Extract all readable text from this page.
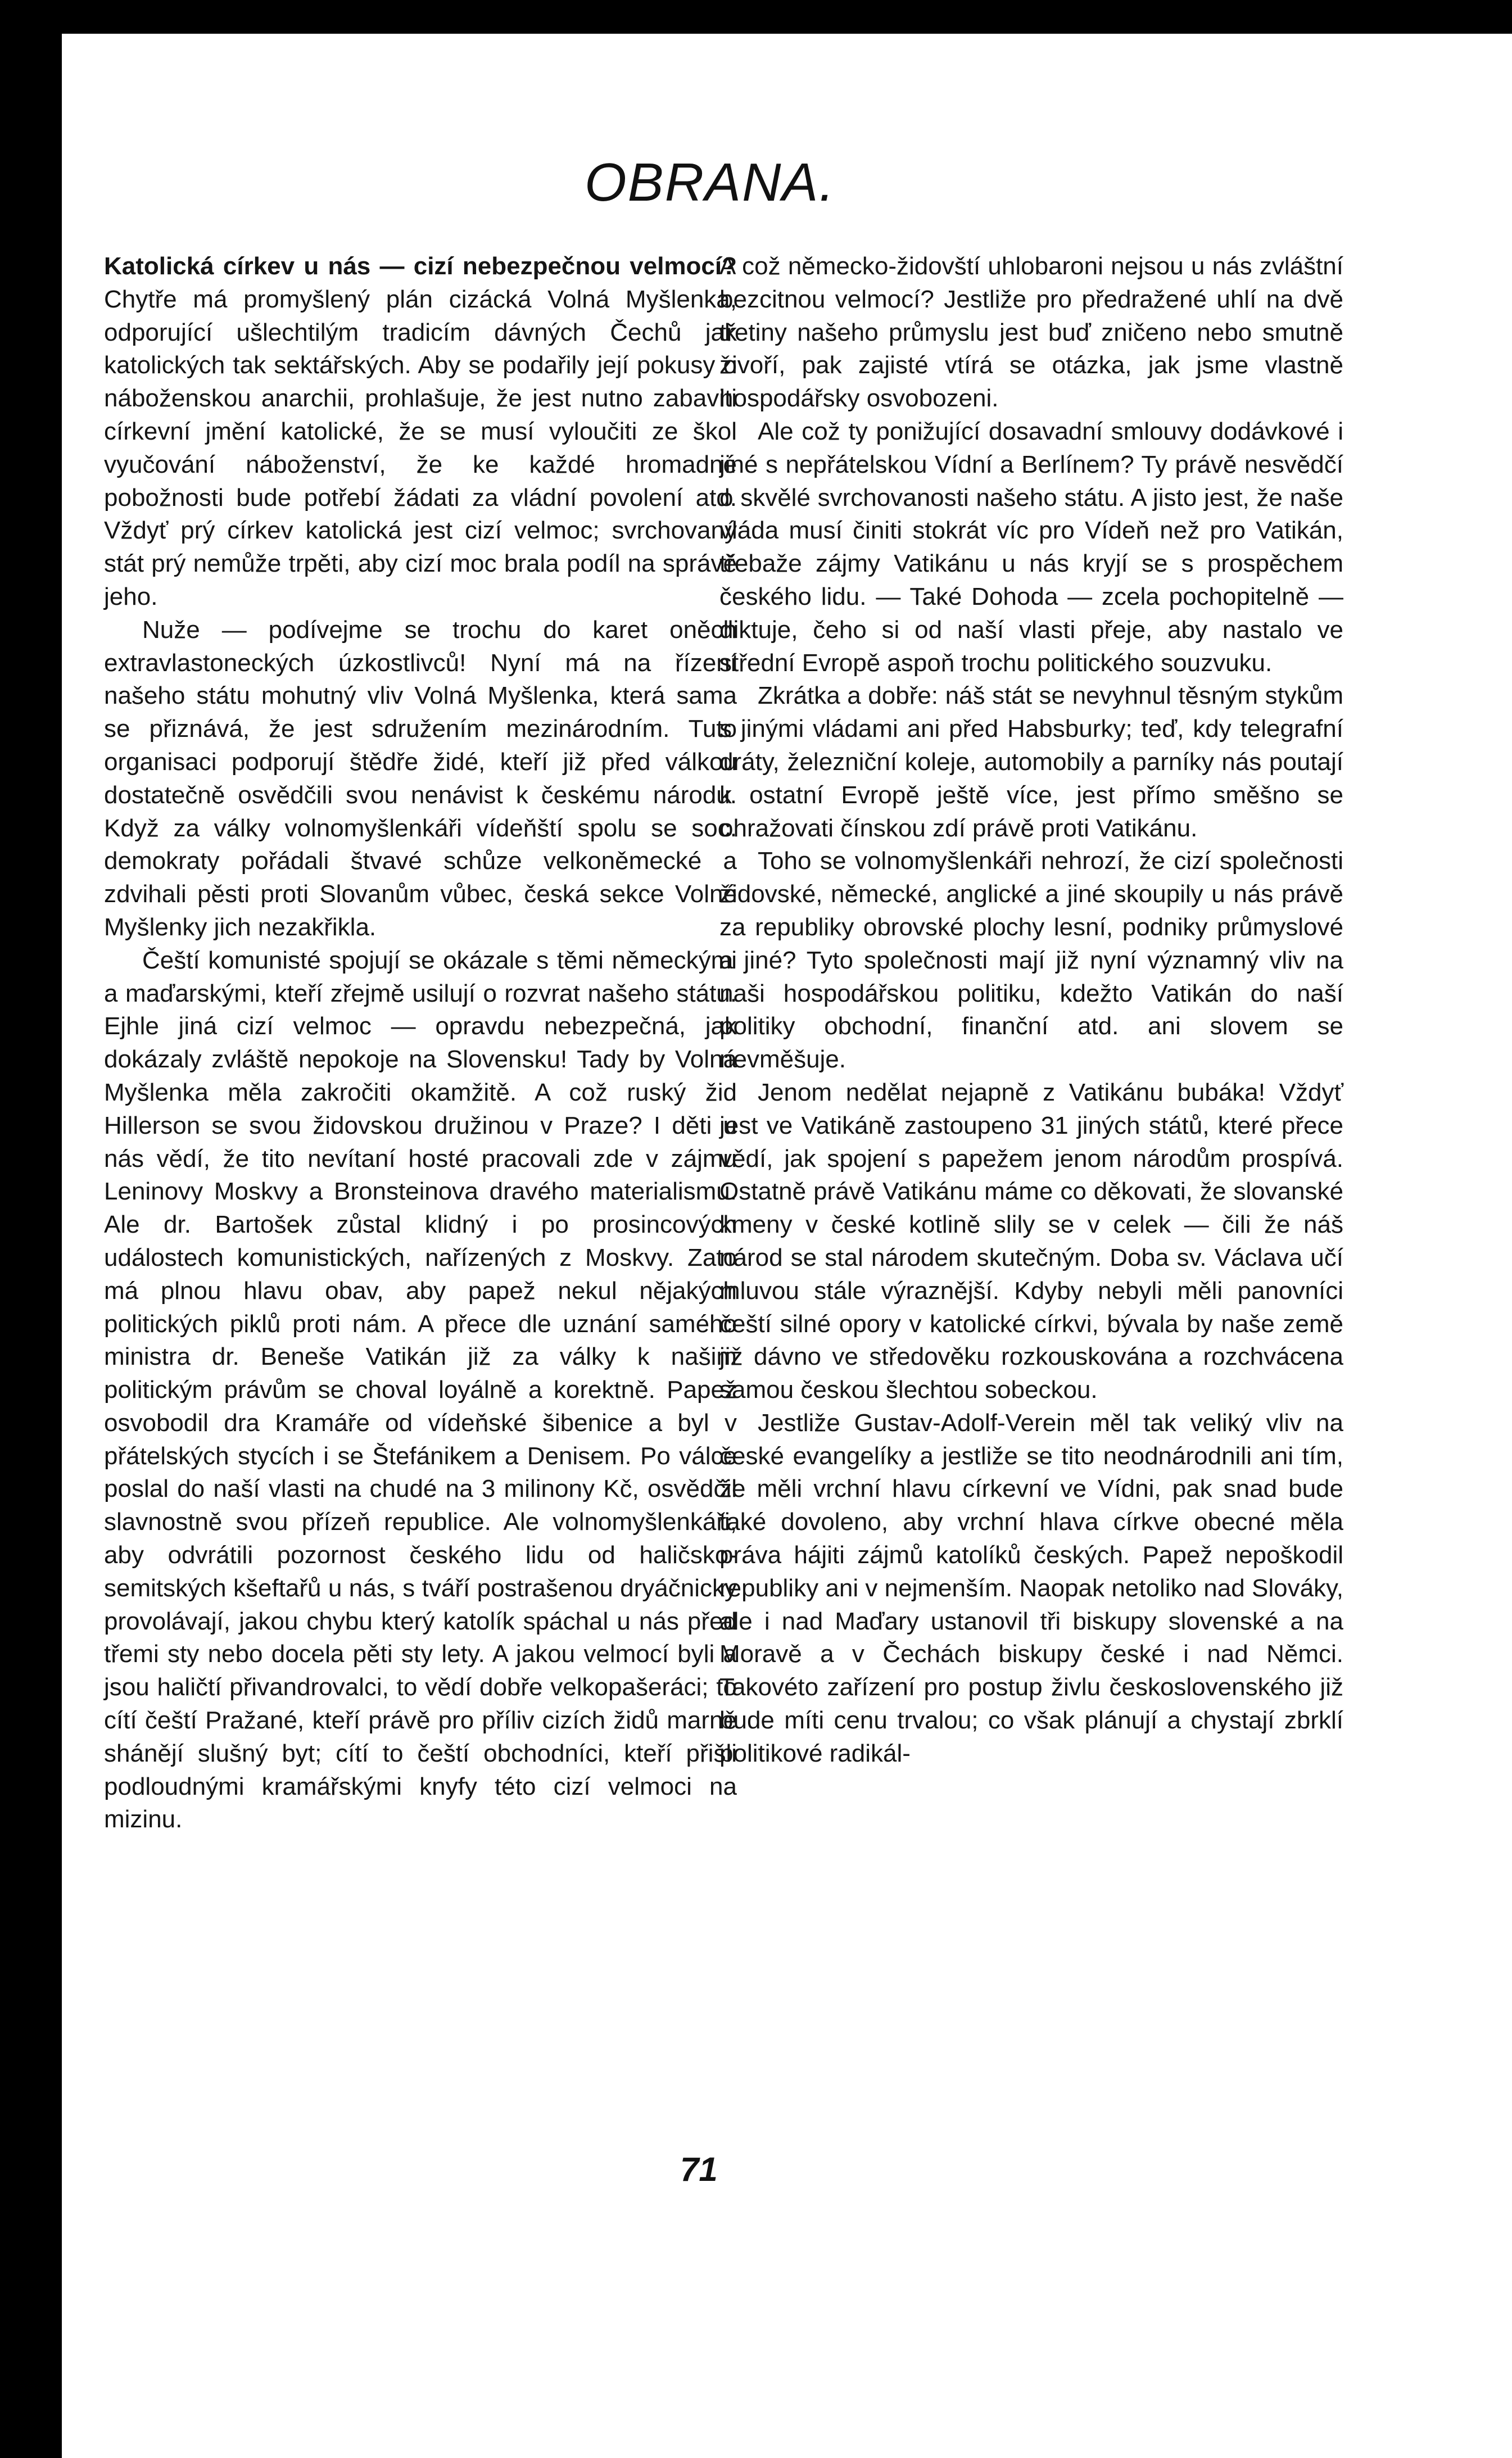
OBRANA.

Katolická církev u nás — cizí nebezpečnou velmocí? Chytře má promyšlený plán cizácká Volná Myšlenka, odporující ušlechtilým tradicím dávných Čechů jak katolických tak sektářských. Aby se podařily její pokusy o náboženskou anarchii, prohlašuje, že jest nutno zabaviti církevní jmění katolické, že se musí vyloučiti ze škol vyučování náboženství, že ke každé hromadné pobožnosti bude potřebí žádati za vládní povolení atd. Vždyť prý církev katolická jest cizí velmoc; svrchovaný stát prý nemůže trpěti, aby cizí moc brala podíl na správě jeho.

Nuže — podívejme se trochu do karet oněch extravlastoneckých úzkostlivců! Nyní má na řízení našeho státu mohutný vliv Volná Myšlenka, která sama se přiznává, že jest sdružením mezinárodním. Tuto organisaci podporují štědře židé, kteří již před válkou dostatečně osvědčili svou nenávist k českému národu. Když za války volnomyšlenkáři vídeňští spolu se soc. demokraty pořádali štvavé schůze velkoněmecké a zdvihali pěsti proti Slovanům vůbec, česká sekce Volné Myšlenky jich nezakřikla.

Čeští komunisté spojují se okázale s těmi německými a maďarskými, kteří zřejmě usilují o rozvrat našeho státu. Ejhle jiná cizí velmoc — opravdu nebezpečná, jak dokázaly zvláště nepokoje na Slovensku! Tady by Volná Myšlenka měla zakročiti okamžitě. A což ruský žid Hillerson se svou židovskou družinou v Praze? I děti u nás vědí, že tito nevítaní hosté pracovali zde v zájmu Leninovy Moskvy a Bronsteinova dravého materialismu. Ale dr. Bartošek zůstal klidný i po prosincových událostech komunistických, nařízených z Moskvy. Zato má plnou hlavu obav, aby papež nekul nějakých politických piklů proti nám. A přece dle uznání samého ministra dr. Beneše Vatikán již za války k našim politickým právům se choval loyálně a korektně. Papež osvobodil dra Kramáře od vídeňské šibenice a byl v přátelských stycích i se Štefánikem a Denisem. Po válce poslal do naší vlasti na chudé na 3 milinony Kč, osvědčil slavnostně svou přízeň republice. Ale volnomyšlenkáři, aby odvrátili pozornost českého lidu od haličsko-semitských kšeftařů u nás, s tváří postrašenou dryáčnicky provolávají, jakou chybu který katolík spáchal u nás před třemi sty nebo docela pěti sty lety. A jakou velmocí byli a jsou haličtí přivandrovalci, to vědí dobře velkopašeráci; to cítí čeští Pražané, kteří právě pro příliv cizích židů marně shánějí slušný byt; cítí to čeští obchodníci, kteří přišli podloudnými kramářskými knyfy této cizí velmoci na mizinu.

A což německo-židovští uhlobaroni nejsou u nás zvláštní bezcitnou velmocí? Jestliže pro předražené uhlí na dvě třetiny našeho průmyslu jest buď zničeno nebo smutně živoří, pak zajisté vtírá se otázka, jak jsme vlastně hospodářsky osvobozeni.

Ale což ty ponižující dosavadní smlouvy dodávkové i jiné s nepřátelskou Vídní a Berlínem? Ty právě nesvědčí o skvělé svrchovanosti našeho státu. A jisto jest, že naše vláda musí činiti stokrát víc pro Vídeň než pro Vatikán, třebaže zájmy Vatikánu u nás kryjí se s prospěchem českého lidu. — Také Dohoda — zcela pochopitelně — diktuje, čeho si od naší vlasti přeje, aby nastalo ve střední Evropě aspoň trochu politického souzvuku.

Zkrátka a dobře: náš stát se nevyhnul těsným stykům s jinými vládami ani před Habsburky; teď, kdy telegrafní dráty, železniční koleje, automobily a parníky nás poutají k ostatní Evropě ještě více, jest přímo směšno se ohražovati čínskou zdí právě proti Vatikánu.

Toho se volnomyšlenkáři nehrozí, že cizí společnosti židovské, německé, anglické a jiné skoupily u nás právě za republiky obrovské plochy lesní, podniky průmyslové a jiné? Tyto společnosti mají již nyní významný vliv na naši hospodářskou politiku, kdežto Vatikán do naší politiky obchodní, finanční atd. ani slovem se nevměšuje.

Jenom nedělat nejapně z Vatikánu bubáka! Vždyť jest ve Vatikáně zastoupeno 31 jiných států, které přece vědí, jak spojení s papežem jenom národům prospívá. Ostatně právě Vatikánu máme co děkovati, že slovanské kmeny v české kotlině slily se v celek — čili že náš národ se stal národem skutečným. Doba sv. Václava učí mluvou stále výraznější. Kdyby nebyli měli panovníci čeští silné opory v katolické církvi, bývala by naše země již dávno ve středověku rozkouskována a rozchvácena samou českou šlechtou sobeckou.

Jestliže Gustav-Adolf-Verein měl tak veliký vliv na české evangelíky a jestliže se tito neodnárodnili ani tím, že měli vrchní hlavu církevní ve Vídni, pak snad bude také dovoleno, aby vrchní hlava církve obecné měla práva hájiti zájmů katolíků českých. Papež nepoškodil republiky ani v nejmenším. Naopak netoliko nad Slováky, ale i nad Maďary ustanovil tři biskupy slovenské a na Moravě a v Čechách biskupy české i nad Němci. Takovéto zařízení pro postup živlu československého již bude míti cenu trvalou; co však plánují a chystají zbrklí politikové radikál-

71
